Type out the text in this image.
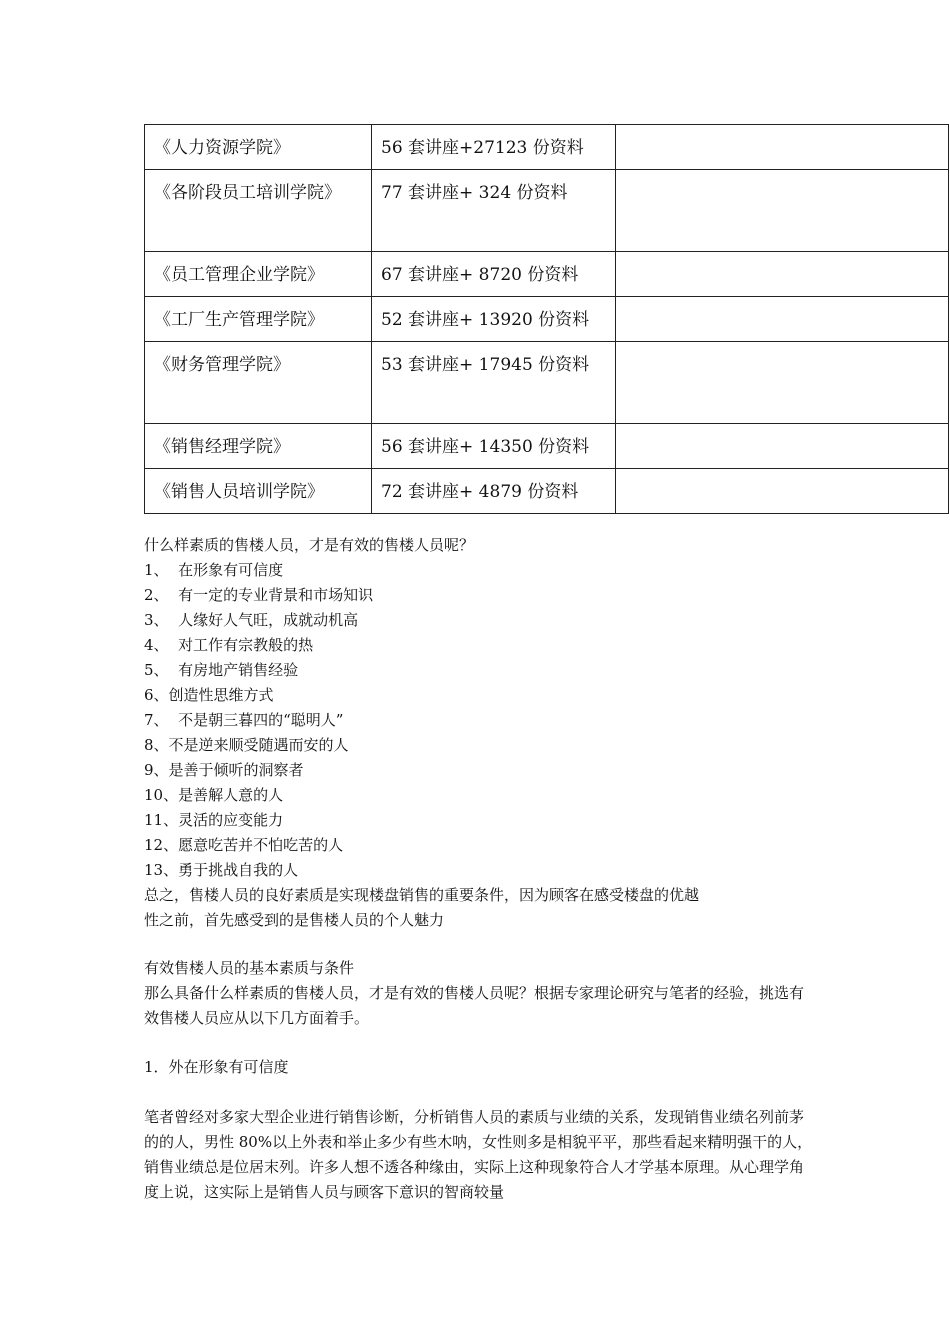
《人力资源学院》	56 套讲座+27123 份资料	
《各阶段员工培训学院》	77 套讲座+ 324 份资料	
《员工管理企业学院》	67 套讲座+ 8720 份资料	
《工厂生产管理学院》	52 套讲座+ 13920 份资料	
《财务管理学院》	53 套讲座+ 17945 份资料	
《销售经理学院》	56 套讲座+ 14350 份资料	
《销售人员培训学院》	72 套讲座+ 4879 份资料	
什么样素质的售楼人员，才是有效的售楼人员呢？
1、  在形象有可信度
2、  有一定的专业背景和市场知识
3、  人缘好人气旺，成就动机高
4、  对工作有宗教般的热
5、  有房地产销售经验
6、创造性思维方式
7、  不是朝三暮四的“聪明人”
8、不是逆来顺受随遇而安的人
9、是善于倾听的洞察者
10、是善解人意的人
11、灵活的应变能力
12、愿意吃苦并不怕吃苦的人
13、勇于挑战自我的人
总之，售楼人员的良好素质是实现楼盘销售的重要条件，因为顾客在感受楼盘的优越性之前，首先感受到的是售楼人员的个人魅力
有效售楼人员的基本素质与条件
那么具备什么样素质的售楼人员，才是有效的售楼人员呢？根据专家理论研究与笔者的经验，挑选有效售楼人员应从以下几方面着手。
1．外在形象有可信度
笔者曾经对多家大型企业进行销售诊断，分析销售人员的素质与业绩的关系，发现销售业绩名列前茅的的人，男性 80%以上外表和举止多少有些木呐，女性则多是相貌平平，那些看起来精明强干的人，销售业绩总是位居末列。许多人想不透各种缘由，实际上这种现象符合人才学基本原理。从心理学角度上说，这实际上是销售人员与顾客下意识的智商较量
